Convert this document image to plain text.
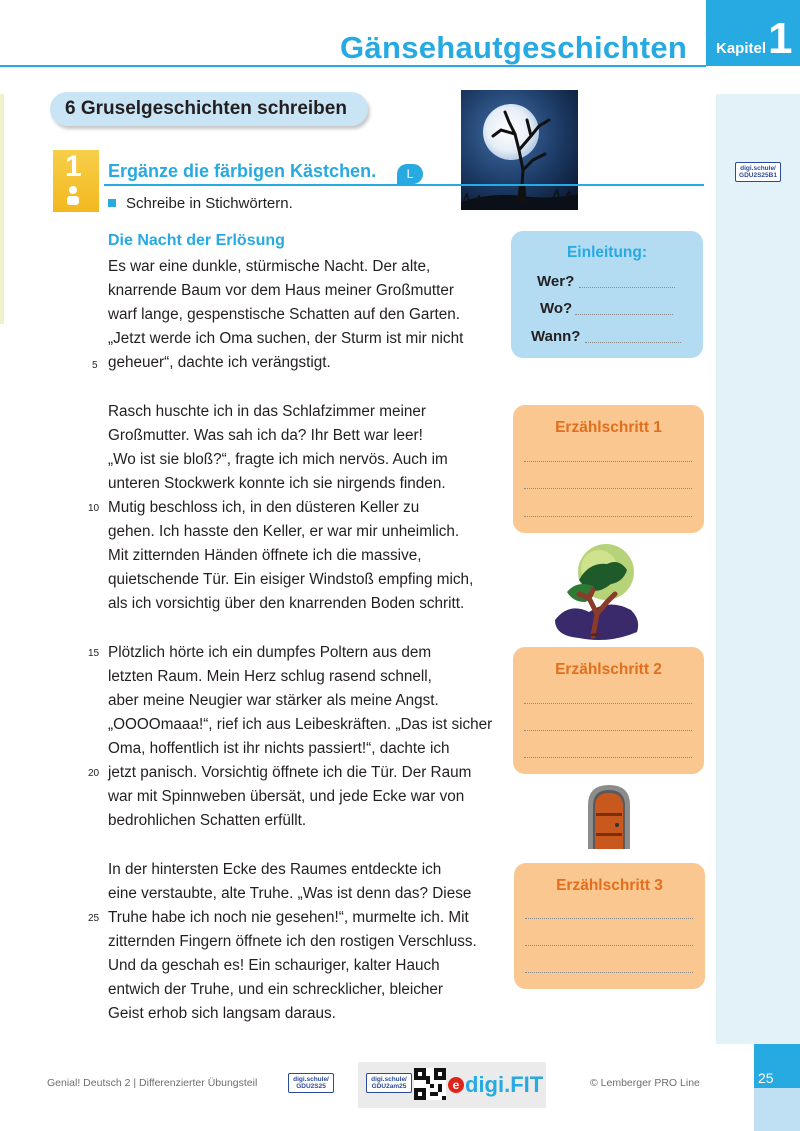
Gänsehautgeschichten Kapitel 1
digi.schule/
GDU2S25B1
6 Gruselgeschichten schreiben
1 Ergänze die färbigen Kästchen.	L
Schreibe in Stichwörtern.
Die Nacht der Erlösung
Es war eine dunkle, stürmische Nacht. Der alte,
knarrende Baum vor dem Haus meiner Großmutter
warf lange, gespenstische Schatten auf den Garten.
„Jetzt werde ich Oma suchen, der Sturm ist mir nicht
geheuer“, dachte ich verängstigt.
Rasch huschte ich in das Schlafzimmer meiner
Großmutter. Was sah ich da? Ihr Bett war leer!
„Wo ist sie bloß?“, fragte ich mich nervös. Auch im
unteren Stockwerk konnte ich sie nirgends finden.
Mutig beschloss ich, in den düsteren Keller zu
gehen. Ich hasste den Keller, er war mir unheimlich.
Mit zitternden Händen öffnete ich die massive,
quietschende Tür. Ein eisiger Windstoß empfing mich,
als ich vorsichtig über den knarrenden Boden schritt.
Plötzlich hörte ich ein dumpfes Poltern aus dem
letzten Raum. Mein Herz schlug rasend schnell,
aber meine Neugier war stärker als meine Angst.
„OOOOmaaa!“, rief ich aus Leibeskräften. „Das ist sicher
Oma, hoffentlich ist ihr nichts passiert!“, dachte ich
jetzt panisch. Vorsichtig öffnete ich die Tür. Der Raum
war mit Spinnweben übersät, und jede Ecke war von
bedrohlichen Schatten erfüllt.
In der hintersten Ecke des Raumes entdeckte ich
eine verstaubte, alte Truhe. „Was ist denn das? Diese
Truhe habe ich noch nie gesehen!“, murmelte ich. Mit
zitternden Fingern öffnete ich den rostigen Verschluss.
Und da geschah es! Ein schauriger, kalter Hauch
entwich der Truhe, und ein schrecklicher, bleicher
Geist erhob sich langsam daraus.
5
10
15
20
25
Einleitung:
Wer?
Wo?
Wann?
Erzählschritt 1
Erzählschritt 2
Erzählschritt 3
Genial! Deutsch 2 | Differenzierter Übungsteil	digi.schule/
GDU2S25
digi.schule/
GDU2am25	e digi.FIT	© Lemberger PRO Line	25
